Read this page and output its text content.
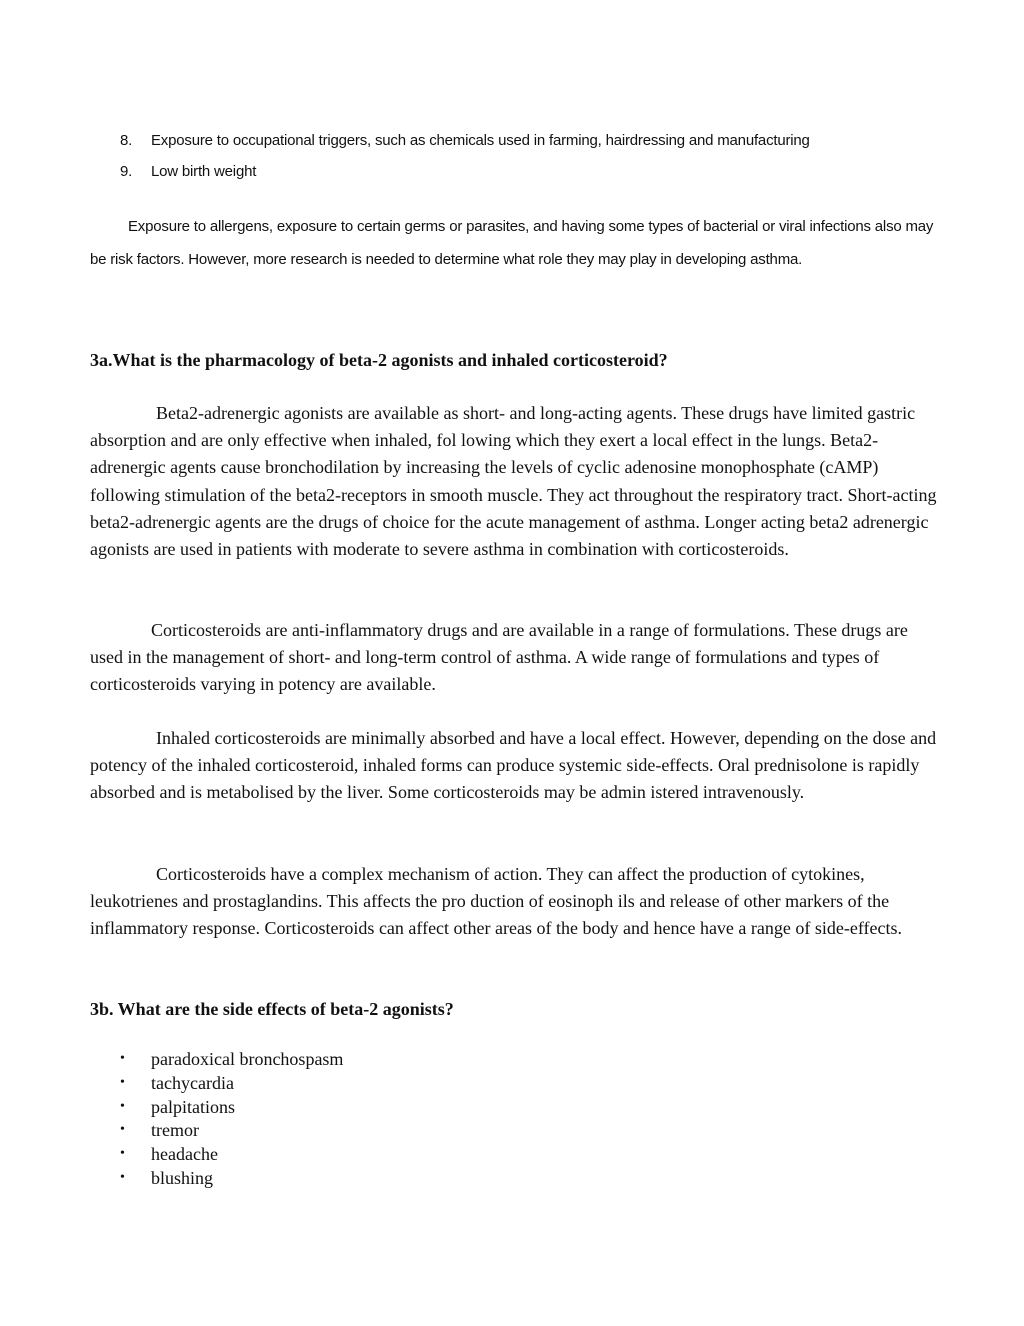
8.	Exposure to occupational triggers, such as chemicals used in farming, hairdressing and manufacturing
9.	Low birth weight

Exposure to allergens, exposure to certain germs or parasites, and having some types of bacterial or viral infections also may be risk factors. However, more research is needed to determine what role they may play in developing asthma.

3a.What is the pharmacology of beta-2 agonists and inhaled corticosteroid?

Beta2-adrenergic agonists are available as short- and long-acting agents. These drugs have limited gastric absorption and are only effective when inhaled, fol lowing which they exert a local effect in the lungs. Beta2-adrenergic agents cause bronchodilation by increasing the levels of cyclic adenosine monophosphate (cAMP) following stimulation of the beta2-receptors in smooth muscle. They act throughout the respiratory tract. Short-acting beta2-adrenergic agents are the drugs of choice for the acute management of asthma. Longer acting beta2 adrenergic agonists are used in patients with moderate to severe asthma in combination with corticosteroids.

Corticosteroids are anti-inflammatory drugs and are available in a range of formulations. These drugs are used in the management of short- and long-term control of asthma. A wide range of formulations and types of corticosteroids varying in potency are available.

Inhaled corticosteroids are minimally absorbed and have a local effect. However, depending on the dose and potency of the inhaled corticosteroid, inhaled forms can produce systemic side-effects. Oral prednisolone is rapidly absorbed and is metabolised by the liver. Some corticosteroids may be admin istered intravenously.

Corticosteroids have a complex mechanism of action. They can affect the production of cytokines, leukotrienes and prostaglandins. This affects the pro duction of eosinoph ils and release of other markers of the inflammatory response. Corticosteroids can affect other areas of the body and hence have a range of side-effects.

3b. What are the side effects of beta-2 agonists?
•	paradoxical bronchospasm
•	tachycardia
•	palpitations
•	tremor
•	headache
•	blushing
